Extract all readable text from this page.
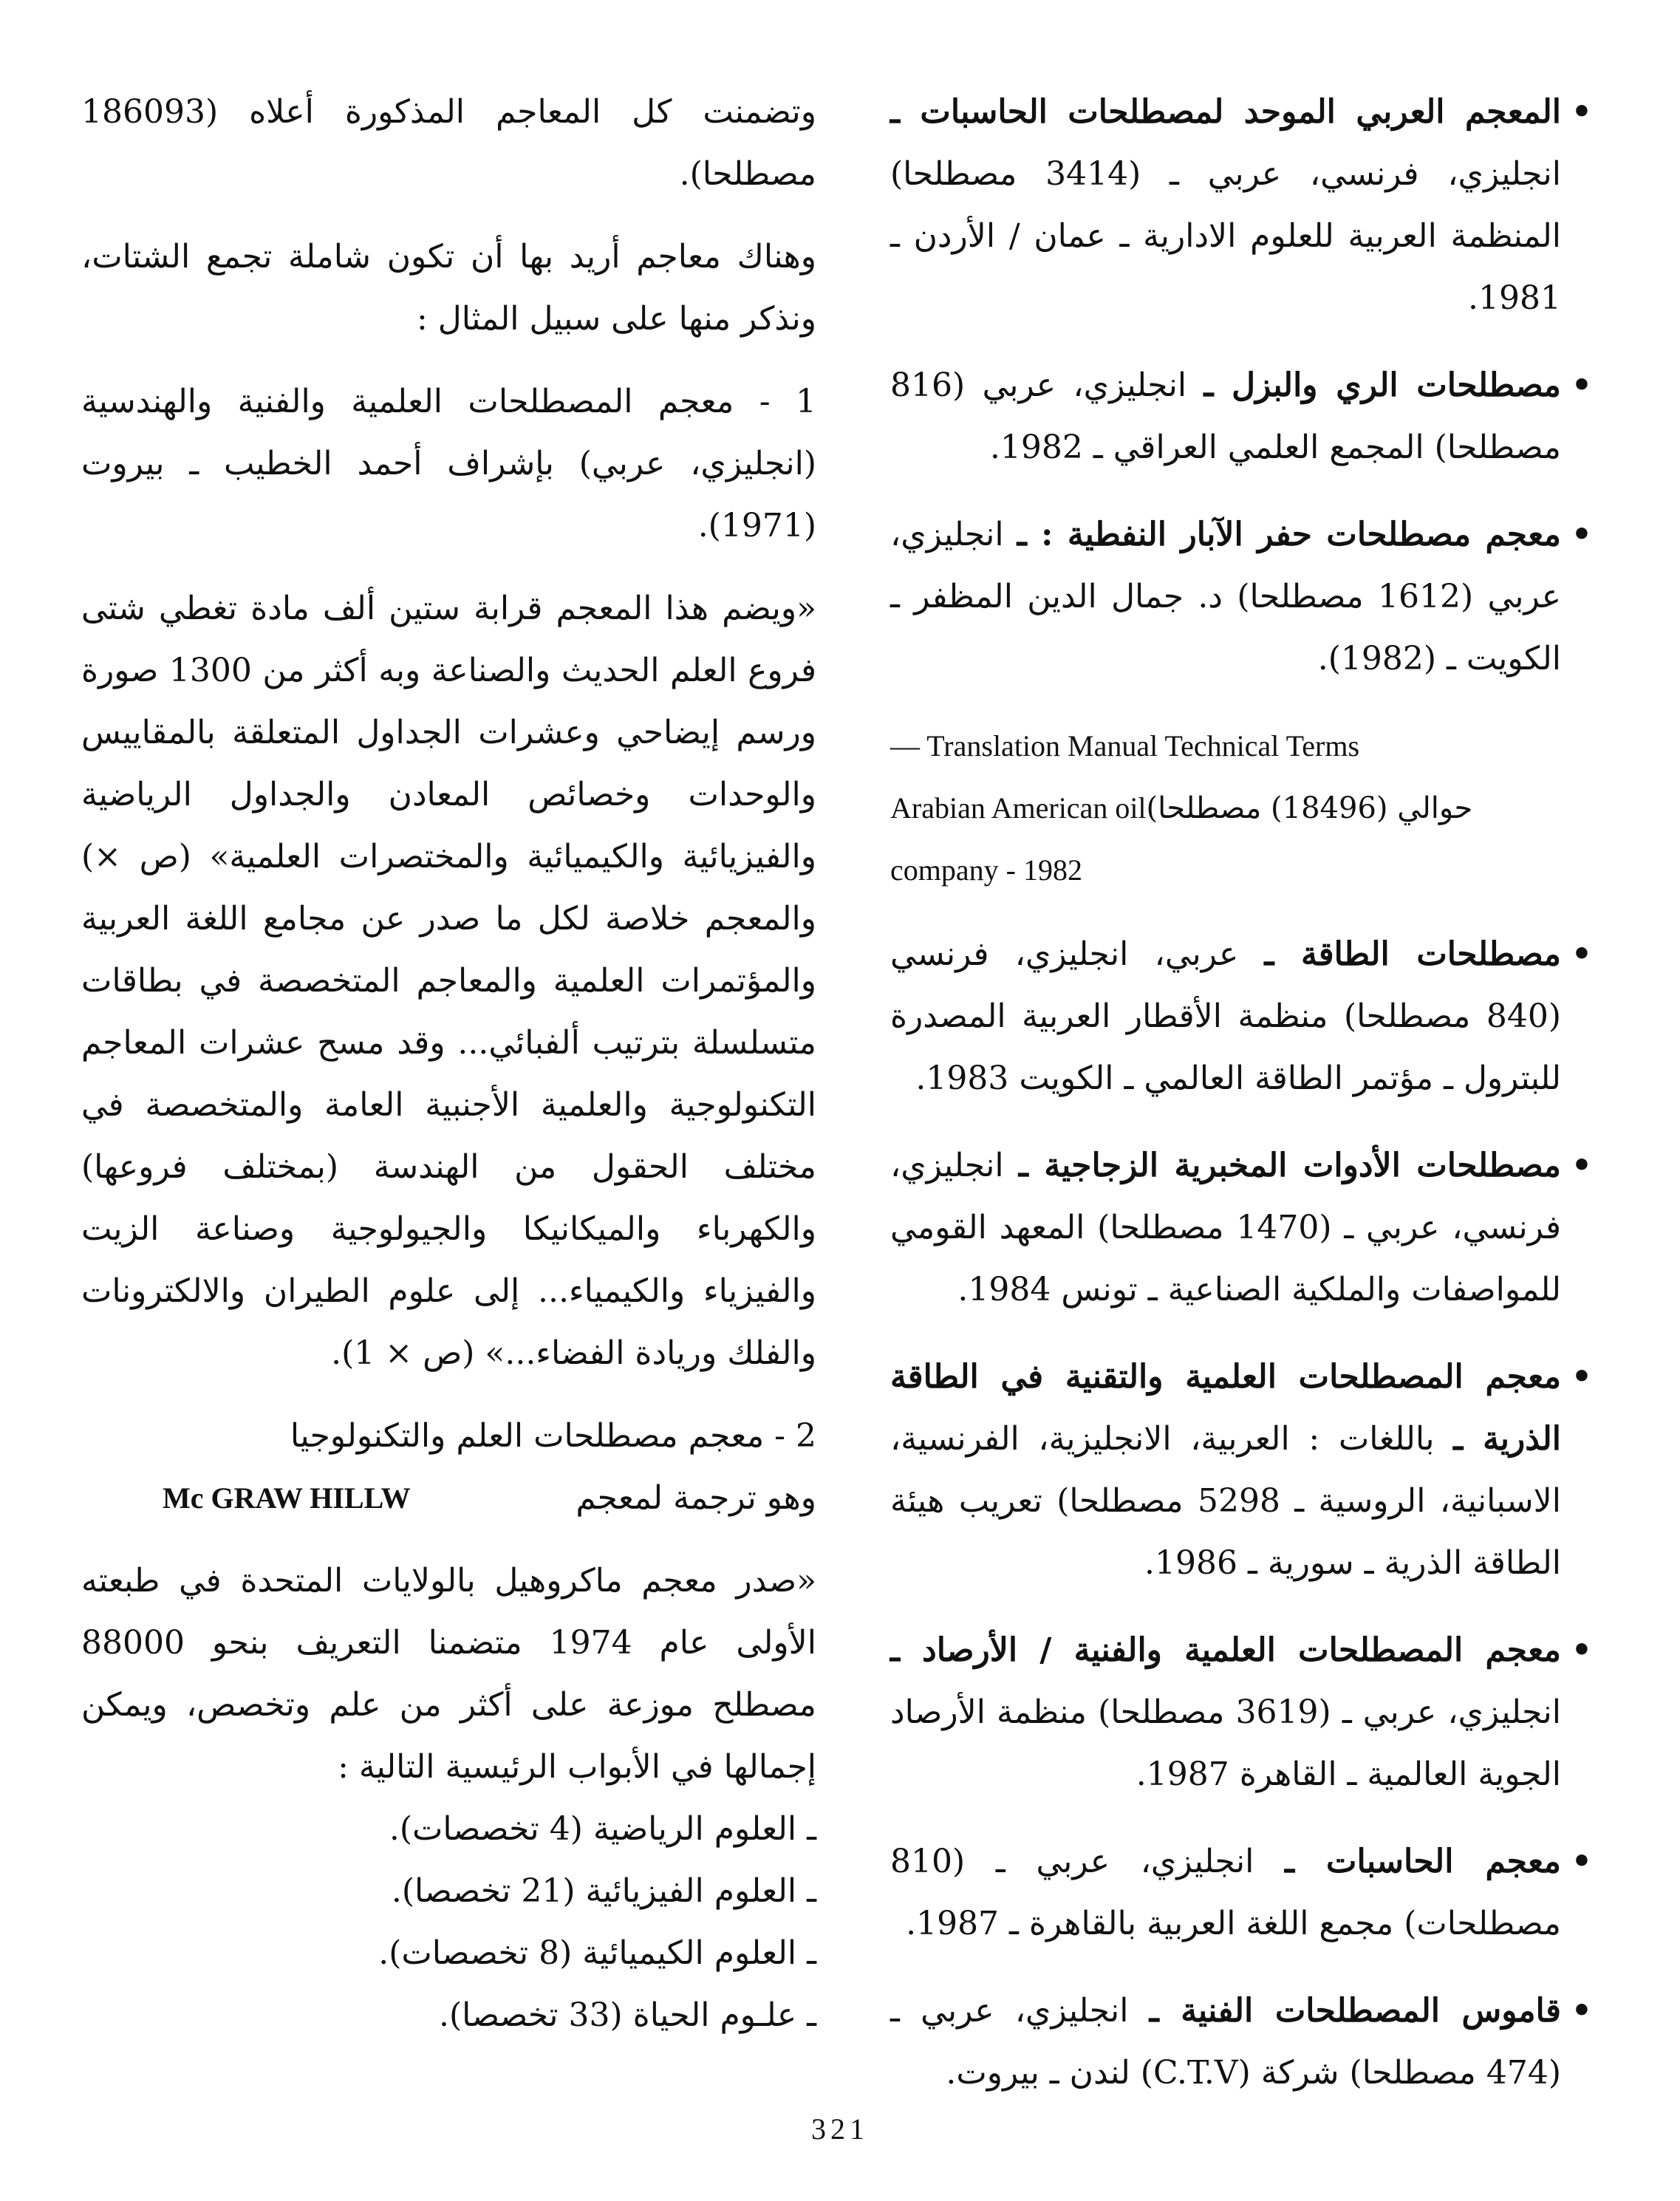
•
المعجم العربي الموحد لمصطلحات الحاسبات ـ انجليزي، فرنسي، عربي ـ (3414 مصطلحا) المنظمة العربية للعلوم الادارية ـ عمان / الأردن ـ 1981.
•
مصطلحات الري والبزل ـ انجليزي، عربي (816 مصطلحا) المجمع العلمي العراقي ـ 1982.
•
معجم مصطلحات حفر الآبار النفطية : ـ انجليزي، عربي (1612 مصطلحا) د. جمال الدين المظفر ـ الكويت ـ (1982).
— Translation Manual Technical Terms
Arabian American oilحوالي (18496) مصطلحا)
company - 1982
•
مصطلحات الطاقة ـ عربي، انجليزي، فرنسي (840 مصطلحا) منظمة الأقطار العربية المصدرة للبترول ـ مؤتمر الطاقة العالمي ـ الكويت 1983.
•
مصطلحات الأدوات المخبرية الزجاجية ـ انجليزي، فرنسي، عربي ـ (1470 مصطلحا) المعهد القومي للمواصفات والملكية الصناعية ـ تونس 1984.
•
معجم المصطلحات العلمية والتقنية في الطاقة الذرية ـ باللغات : العربية، الانجليزية، الفرنسية، الاسبانية، الروسية ـ 5298 مصطلحا) تعريب هيئة الطاقة الذرية ـ سورية ـ 1986.
•
معجم المصطلحات العلمية والفنية / الأرصاد ـ انجليزي، عربي ـ (3619 مصطلحا) منظمة الأرصاد الجوية العالمية ـ القاهرة 1987.
•
معجم الحاسبات ـ انجليزي، عربي ـ (810 مصطلحات) مجمع اللغة العربية بالقاهرة ـ 1987.
•
قاموس المصطلحات الفنية ـ انجليزي، عربي ـ (474 مصطلحا) شركة (C.T.V) لندن ـ بيروت.

وتضمنت كل المعاجم المذكورة أعلاه (186093 مصطلحا).

وهناك معاجم أريد بها أن تكون شاملة تجمع الشتات، ونذكر منها على سبيل المثال :

1 - معجم المصطلحات العلمية والفنية والهندسية (انجليزي، عربي) بإشراف أحمد الخطيب ـ بيروت (1971).

«ويضم هذا المعجم قرابة ستين ألف مادة تغطي شتى فروع العلم الحديث والصناعة وبه أكثر من 1300 صورة ورسم إيضاحي وعشرات الجداول المتعلقة بالمقاييس والوحدات وخصائص المعادن والجداول الرياضية والفيزيائية والكيميائية والمختصرات العلمية» (ص ×) والمعجم خلاصة لكل ما صدر عن مجامع اللغة العربية والمؤتمرات العلمية والمعاجم المتخصصة في بطاقات متسلسلة بترتيب ألفبائي... وقد مسح عشرات المعاجم التكنولوجية والعلمية الأجنبية العامة والمتخصصة في مختلف الحقول من الهندسة (بمختلف فروعها) والكهرباء والميكانيكا والجيولوجية وصناعة الزيت والفيزياء والكيمياء... إلى علوم الطيران والالكترونات والفلك وريادة الفضاء...» (ص × 1).

2 - معجم مصطلحات العلم والتكنولوجيا
وهو ترجمة لمعجم
Mc GRAW HILLW

«صدر معجم ماكروهيل بالولايات المتحدة في طبعته الأولى عام 1974 متضمنا التعريف بنحو 88000 مصطلح موزعة على أكثر من علم وتخصص، ويمكن إجمالها في الأبواب الرئيسية التالية :

ـ العلوم الرياضية (4 تخصصات).

ـ العلوم الفيزيائية (21 تخصصا).

ـ العلوم الكيميائية (8 تخصصات).

ـ علـوم الحياة (33 تخصصا).

321
